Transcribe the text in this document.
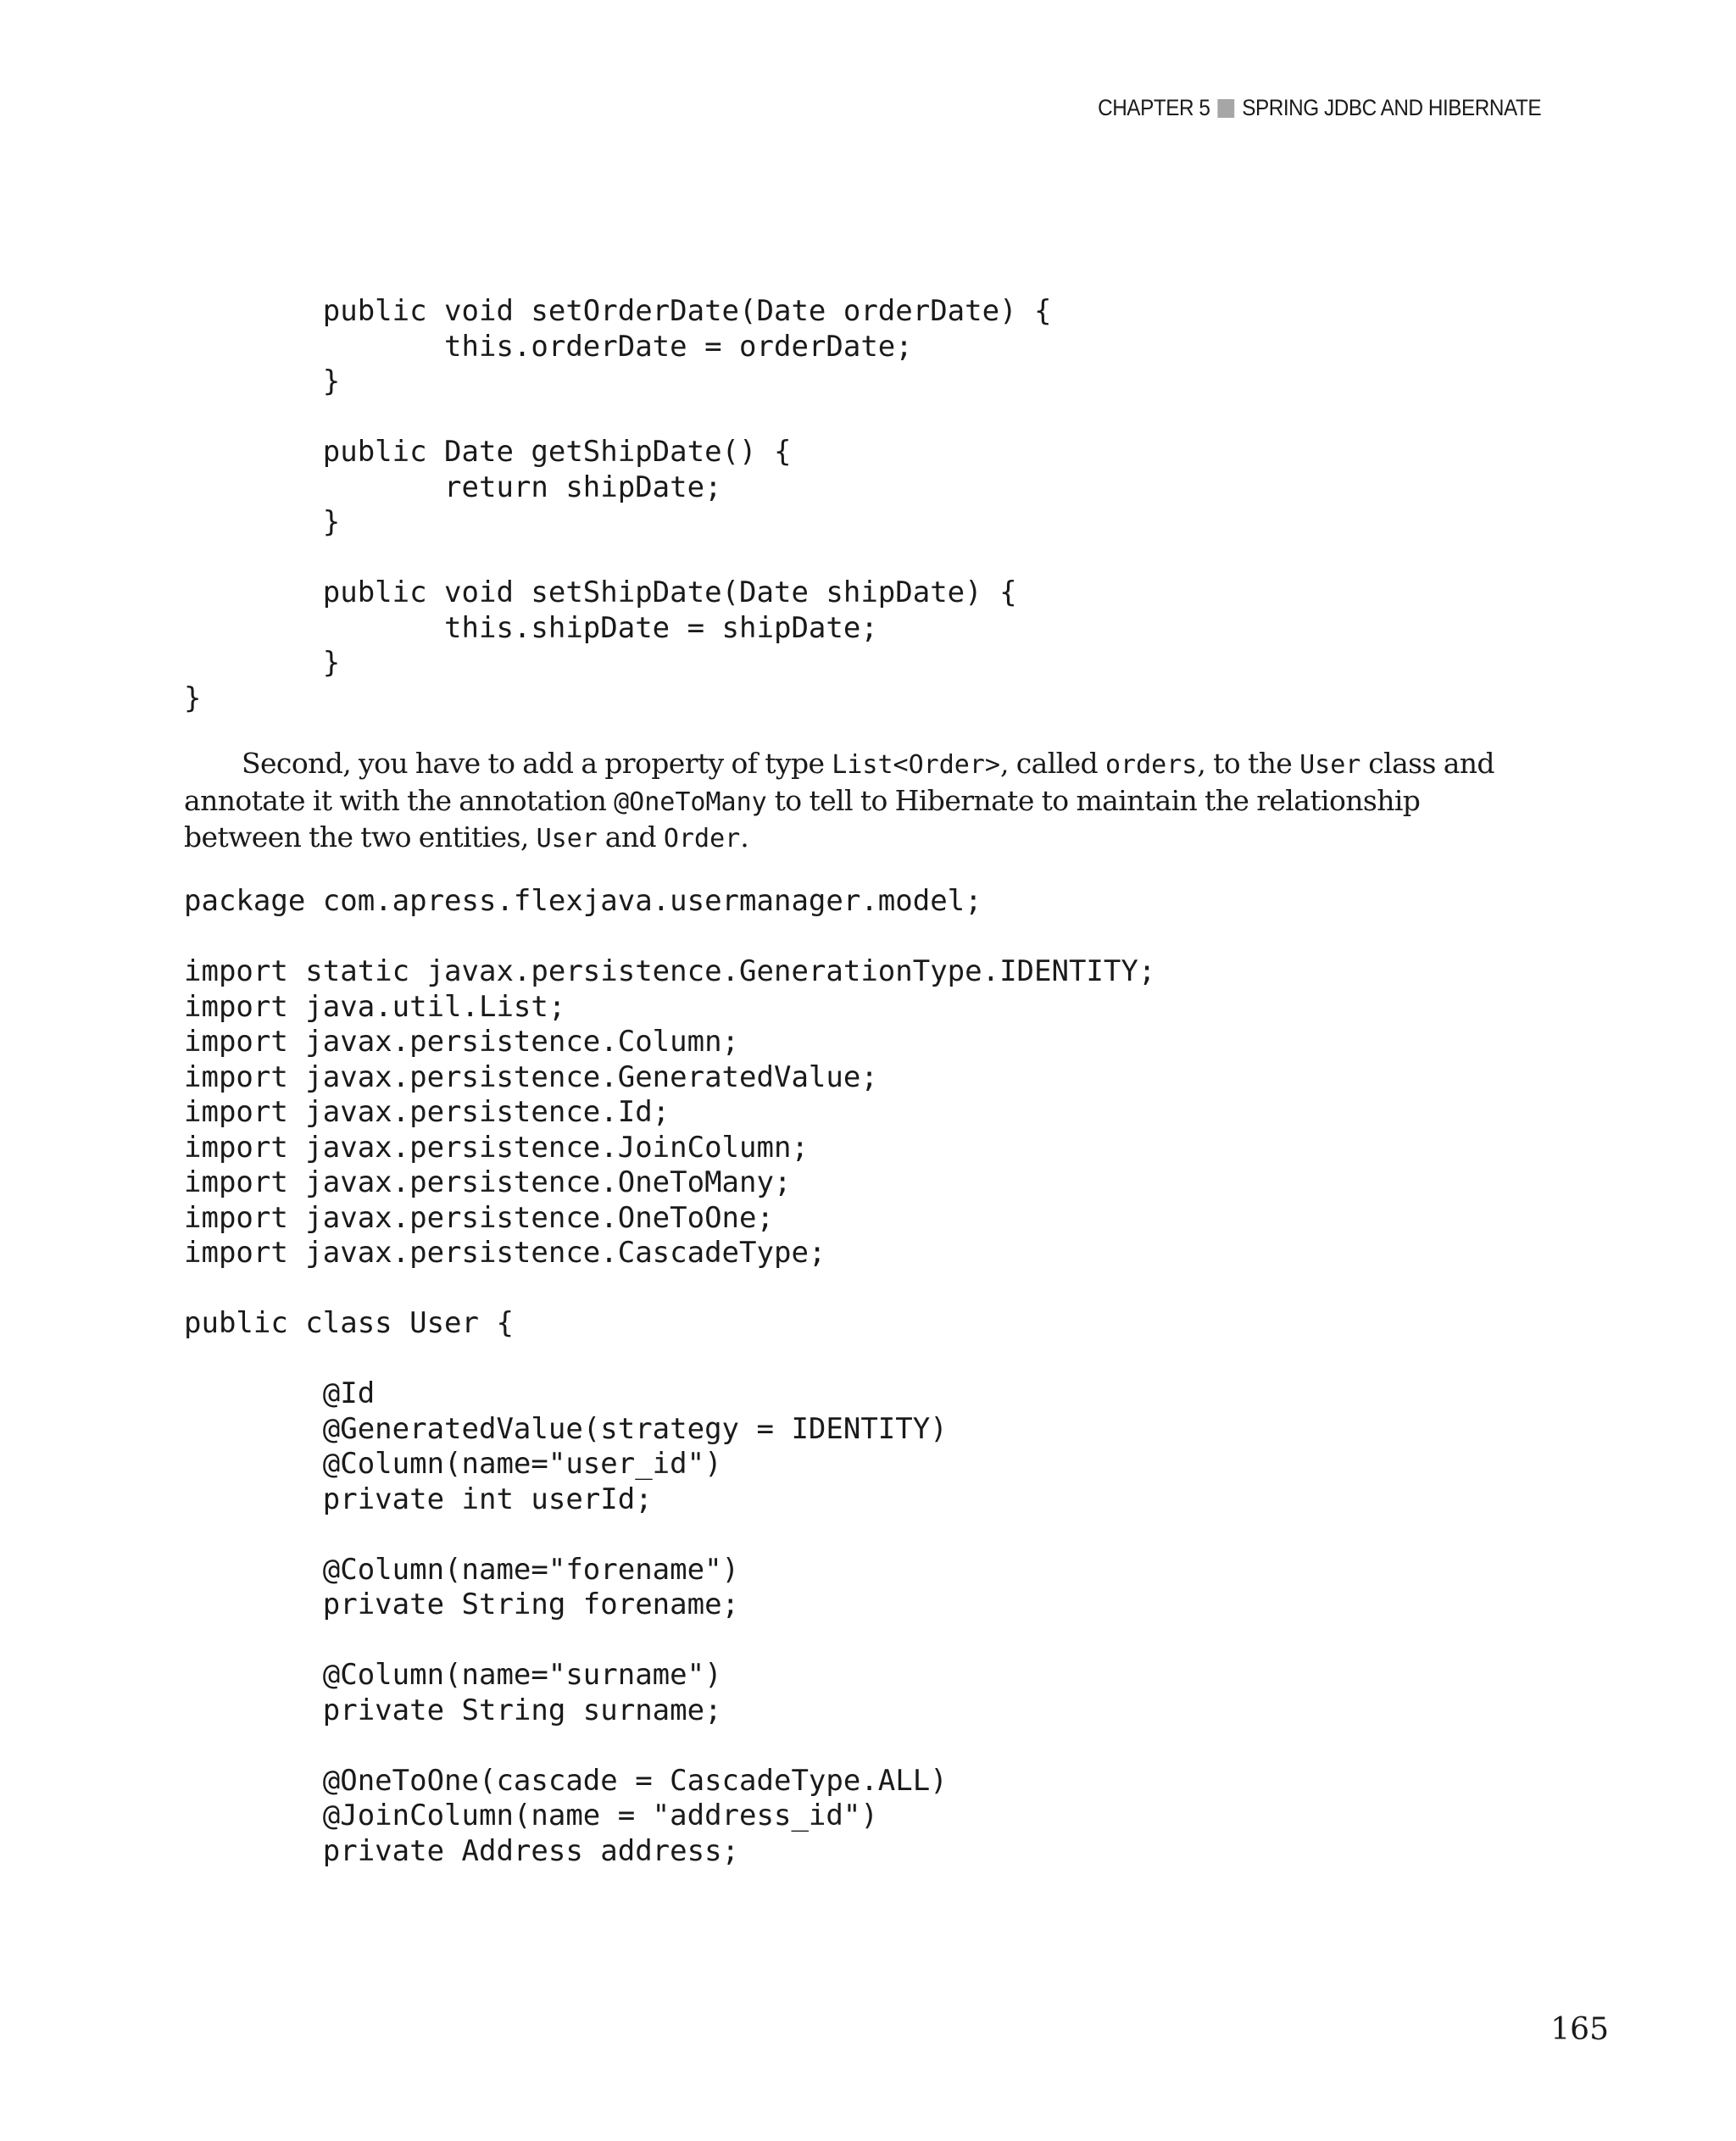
CHAPTER 5 SPRING JDBC AND HIBERNATE
public void setOrderDate(Date orderDate) {
this.orderDate = orderDate;
}

public Date getShipDate() {
return shipDate;
}

public void setShipDate(Date shipDate) {
this.shipDate = shipDate;
}
}

Second, you have to add a property of type List<Order>, called orders, to the User class and annotate it with the annotation @OneToMany to tell to Hibernate to maintain the relationship between the two entities, User and Order.

package com.apress.flexjava.usermanager.model;

import static javax.persistence.GenerationType.IDENTITY;
import java.util.List;
import javax.persistence.Column;
import javax.persistence.GeneratedValue;
import javax.persistence.Id;
import javax.persistence.JoinColumn;
import javax.persistence.OneToMany;
import javax.persistence.OneToOne;
import javax.persistence.CascadeType;

public class User {

@Id
@GeneratedValue(strategy = IDENTITY)
@Column(name="user_id")
private int userId;

@Column(name="forename")
private String forename;

@Column(name="surname")
private String surname;

@OneToOne(cascade = CascadeType.ALL)
@JoinColumn(name = "address_id")
private Address address;
165
